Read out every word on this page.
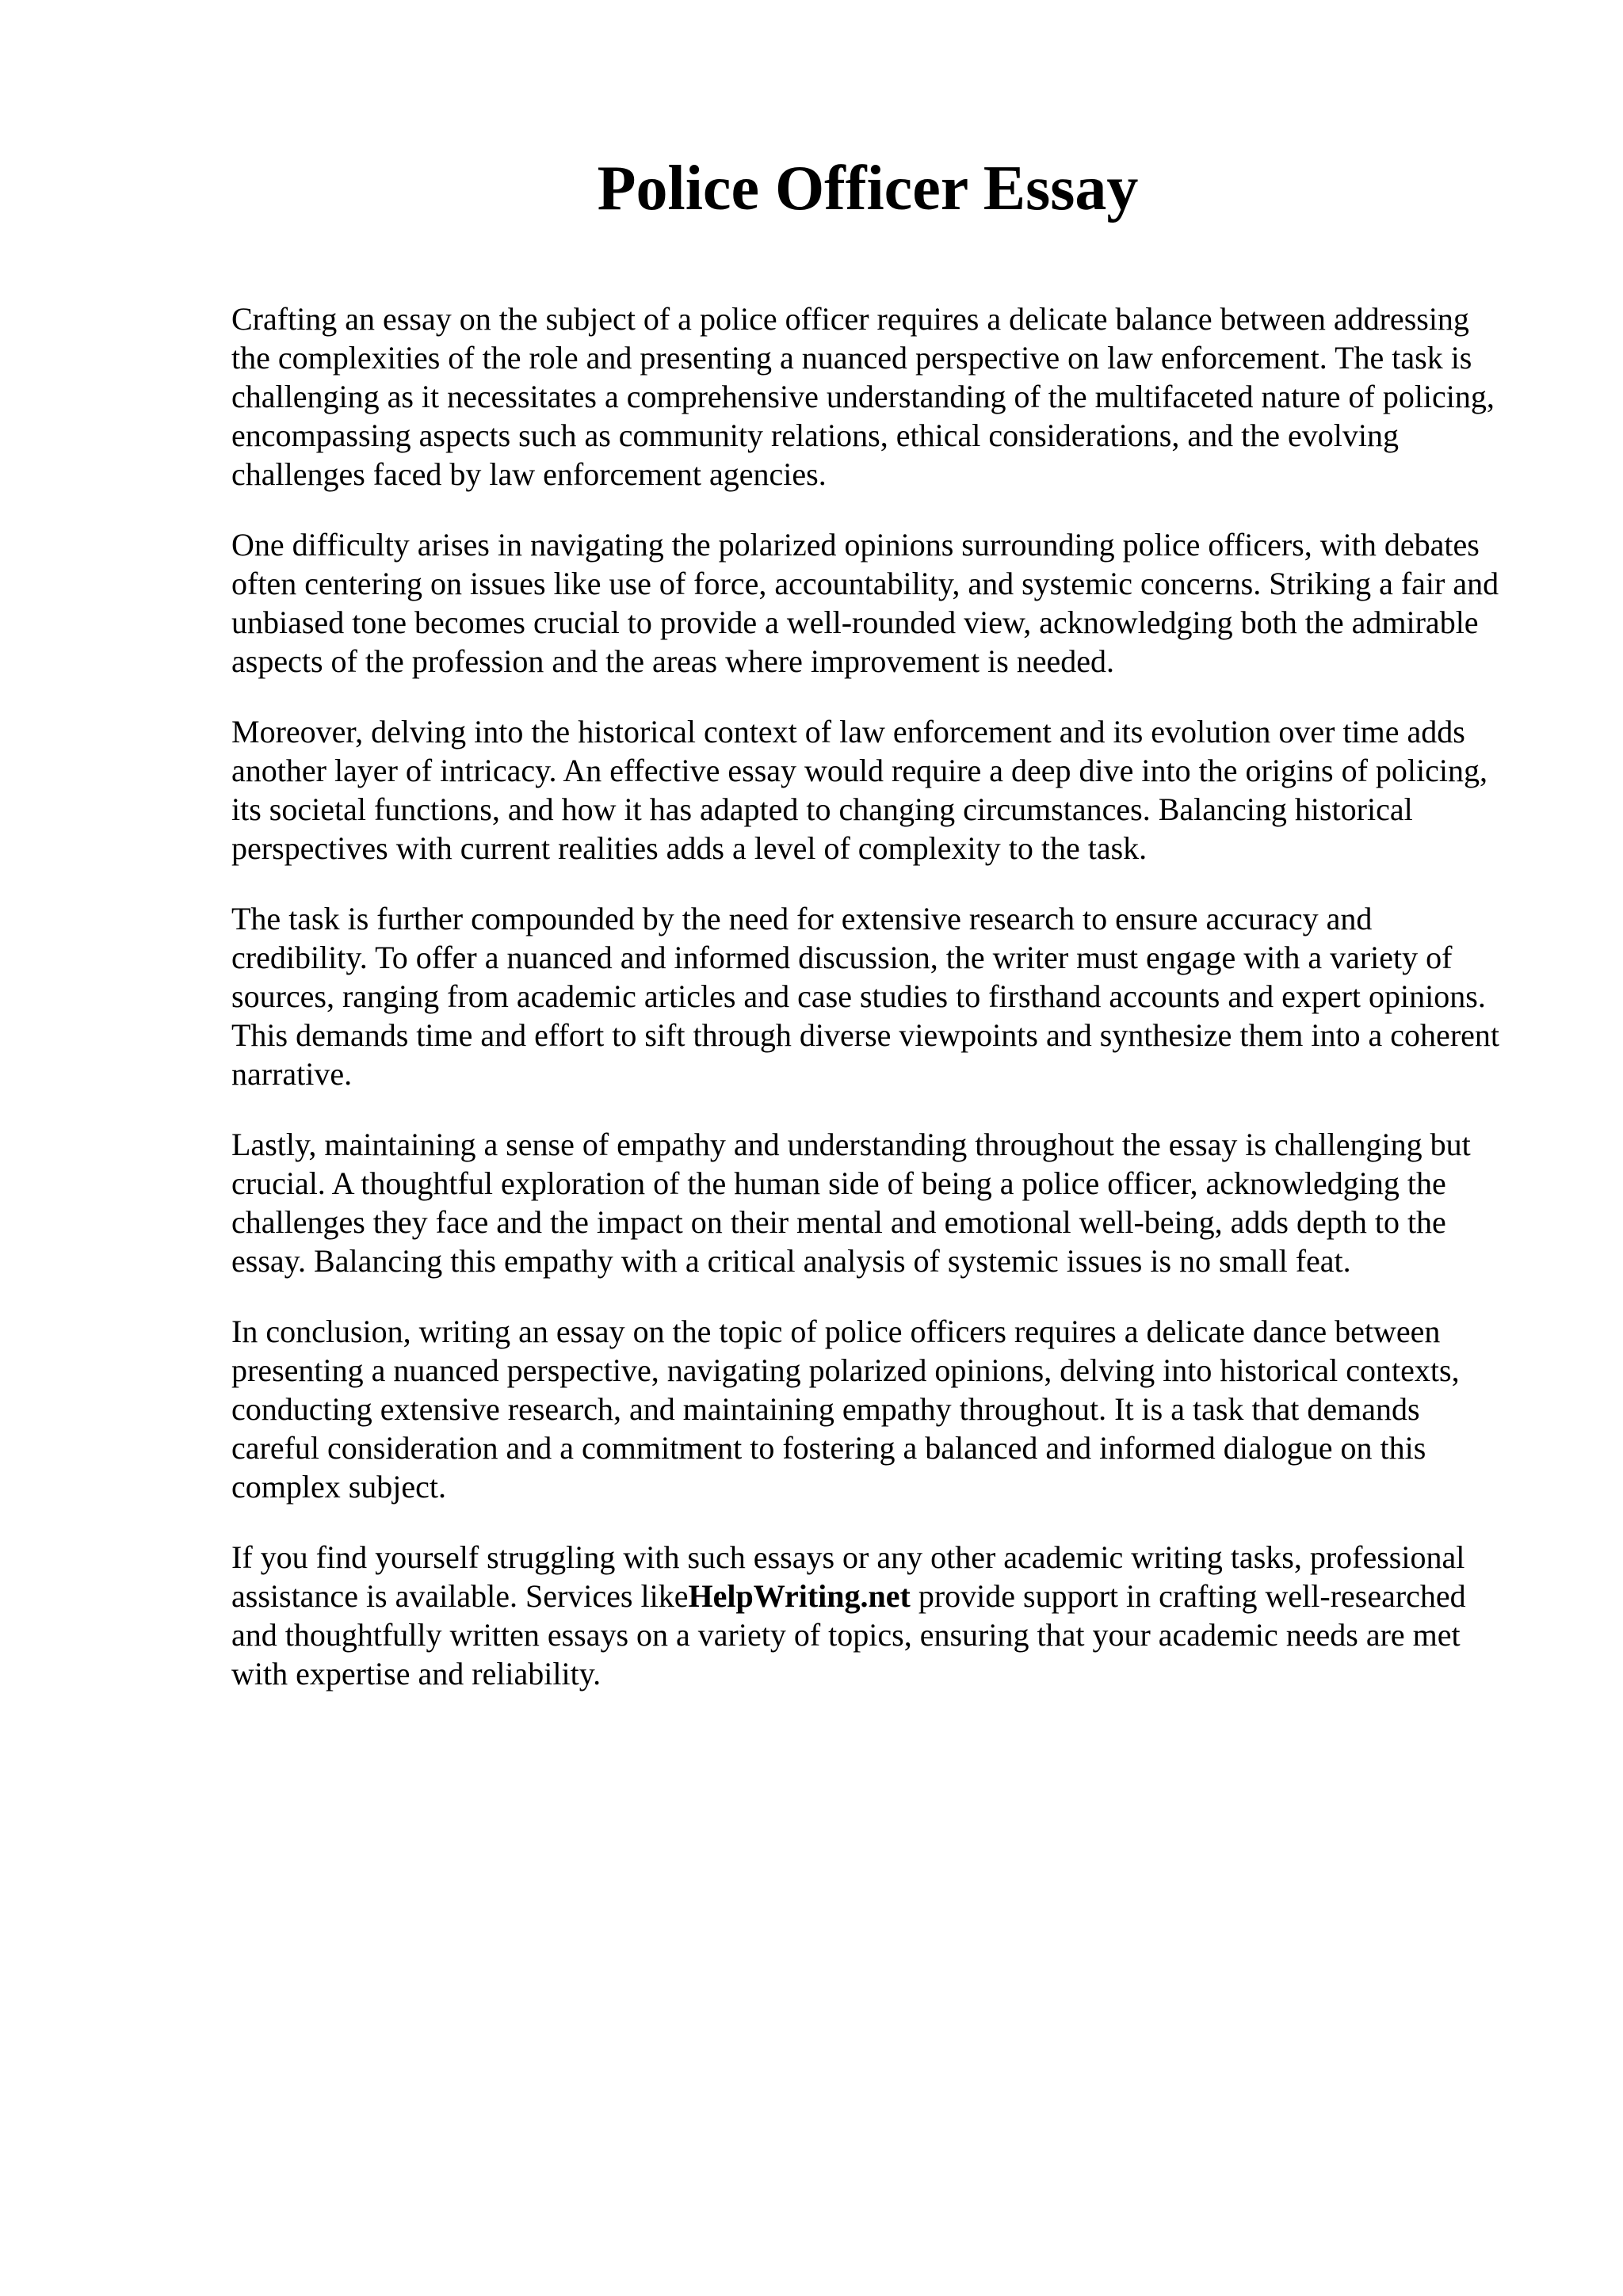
Police Officer Essay

Crafting an essay on the subject of a police officer requires a delicate balance between addressing the complexities of the role and presenting a nuanced perspective on law enforcement. The task is challenging as it necessitates a comprehensive understanding of the multifaceted nature of policing, encompassing aspects such as community relations, ethical considerations, and the evolving challenges faced by law enforcement agencies.

One difficulty arises in navigating the polarized opinions surrounding police officers, with debates often centering on issues like use of force, accountability, and systemic concerns. Striking a fair and unbiased tone becomes crucial to provide a well-rounded view, acknowledging both the admirable aspects of the profession and the areas where improvement is needed.

Moreover, delving into the historical context of law enforcement and its evolution over time adds another layer of intricacy. An effective essay would require a deep dive into the origins of policing, its societal functions, and how it has adapted to changing circumstances. Balancing historical perspectives with current realities adds a level of complexity to the task.

The task is further compounded by the need for extensive research to ensure accuracy and credibility. To offer a nuanced and informed discussion, the writer must engage with a variety of sources, ranging from academic articles and case studies to firsthand accounts and expert opinions. This demands time and effort to sift through diverse viewpoints and synthesize them into a coherent narrative.

Lastly, maintaining a sense of empathy and understanding throughout the essay is challenging but crucial. A thoughtful exploration of the human side of being a police officer, acknowledging the challenges they face and the impact on their mental and emotional well-being, adds depth to the essay. Balancing this empathy with a critical analysis of systemic issues is no small feat.

In conclusion, writing an essay on the topic of police officers requires a delicate dance between presenting a nuanced perspective, navigating polarized opinions, delving into historical contexts, conducting extensive research, and maintaining empathy throughout. It is a task that demands careful consideration and a commitment to fostering a balanced and informed dialogue on this complex subject.

If you find yourself struggling with such essays or any other academic writing tasks, professional assistance is available. Services likeHelpWriting.net provide support in crafting well-researched and thoughtfully written essays on a variety of topics, ensuring that your academic needs are met with expertise and reliability.
